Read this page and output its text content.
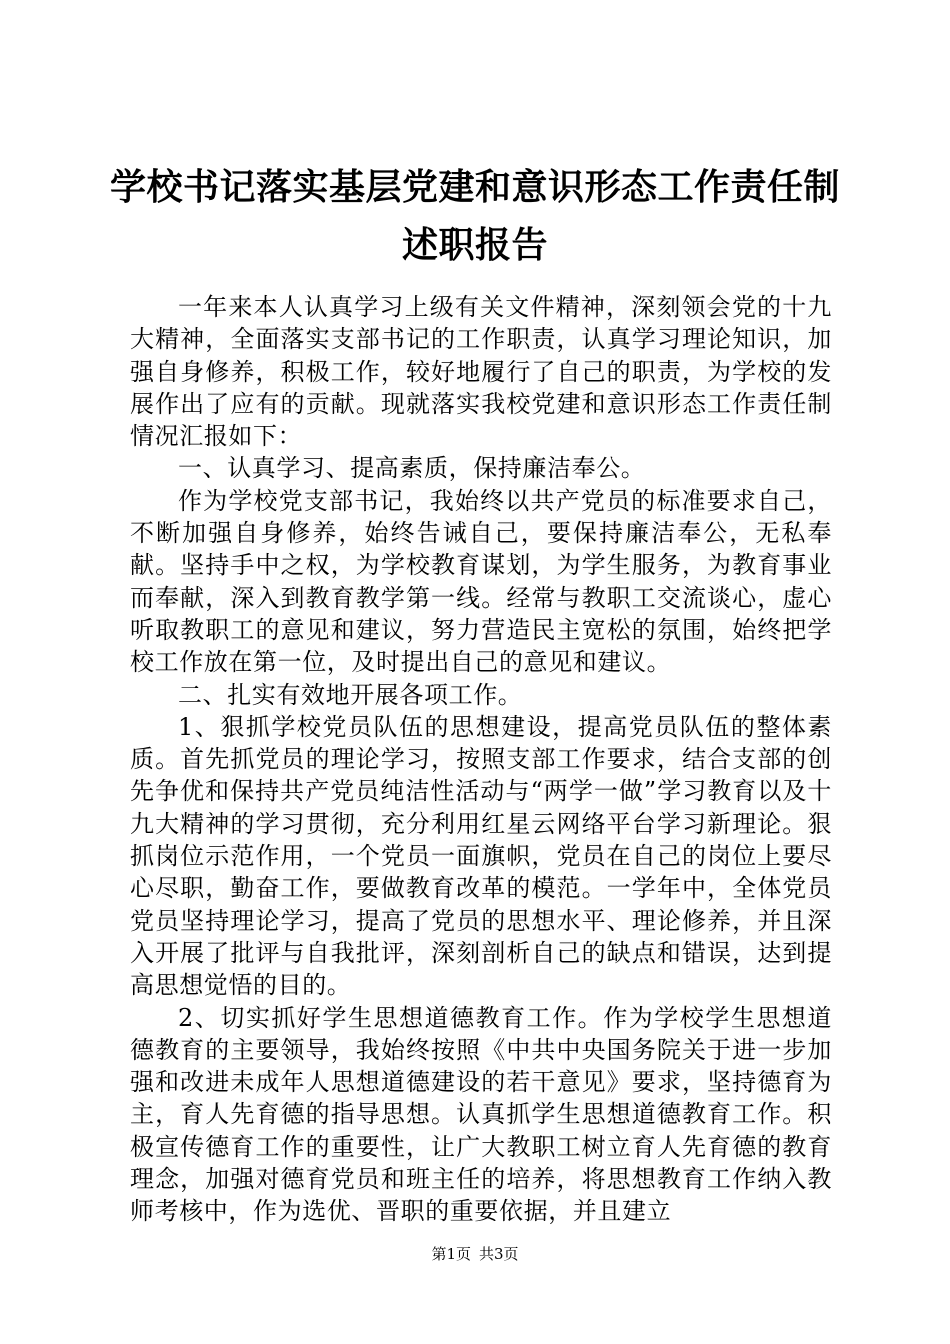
学校书记落实基层党建和意识形态工作责任制
述职报告

一年来本人认真学习上级有关文件精神，深刻领会党的十九大精神，全面落实支部书记的工作职责，认真学习理论知识，加强自身修养，积极工作，较好地履行了自己的职责，为学校的发展作出了应有的贡献。现就落实我校党建和意识形态工作责任制情况汇报如下：

一、认真学习、提高素质，保持廉洁奉公。

作为学校党支部书记，我始终以共产党员的标准要求自己，不断加强自身修养，始终告诫自己，要保持廉洁奉公，无私奉献。坚持手中之权，为学校教育谋划，为学生服务，为教育事业而奉献，深入到教育教学第一线。经常与教职工交流谈心，虚心听取教职工的意见和建议，努力营造民主宽松的氛围，始终把学校工作放在第一位，及时提出自己的意见和建议。

二、扎实有效地开展各项工作。

1、狠抓学校党员队伍的思想建设，提高党员队伍的整体素质。首先抓党员的理论学习，按照支部工作要求，结合支部的创先争优和保持共产党员纯洁性活动与“两学一做”学习教育以及十九大精神的学习贯彻，充分利用红星云网络平台学习新理论。狠抓岗位示范作用，一个党员一面旗帜，党员在自己的岗位上要尽心尽职，勤奋工作，要做教育改革的模范。一学年中，全体党员党员坚持理论学习，提高了党员的思想水平、理论修养，并且深入开展了批评与自我批评，深刻剖析自己的缺点和错误，达到提高思想觉悟的目的。

2、切实抓好学生思想道德教育工作。作为学校学生思想道德教育的主要领导，我始终按照《中共中央国务院关于进一步加强和改进未成年人思想道德建设的若干意见》要求，坚持德育为主，育人先育德的指导思想。认真抓学生思想道德教育工作。积极宣传德育工作的重要性，让广大教职工树立育人先育德的教育理念，加强对德育党员和班主任的培养，将思想教育工作纳入教师考核中，作为选优、晋职的重要依据，并且建立

第1页 共3页
